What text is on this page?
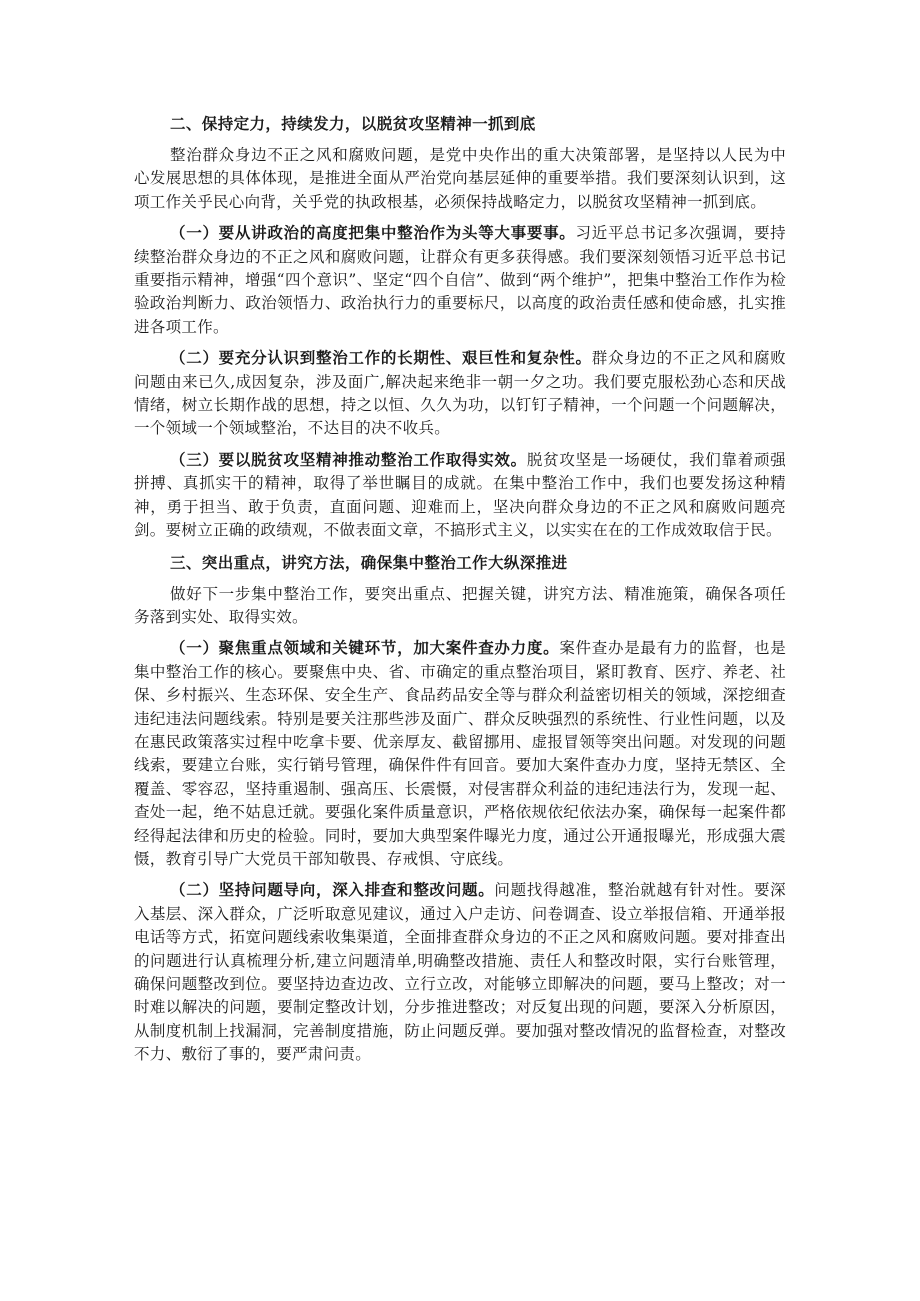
二、保持定力，持续发力，以脱贫攻坚精神一抓到底

整治群众身边不正之风和腐败问题，是党中央作出的重大决策部署，是坚持以人民为中心发展思想的具体体现，是推进全面从严治党向基层延伸的重要举措。我们要深刻认识到，这项工作关乎民心向背，关乎党的执政根基，必须保持战略定力，以脱贫攻坚精神一抓到底。

（一）要从讲政治的高度把集中整治作为头等大事要事。习近平总书记多次强调，要持续整治群众身边的不正之风和腐败问题，让群众有更多获得感。我们要深刻领悟习近平总书记重要指示精神，增强“四个意识”、坚定“四个自信”、做到“两个维护”，把集中整治工作作为检验政治判断力、政治领悟力、政治执行力的重要标尺，以高度的政治责任感和使命感，扎实推进各项工作。

（二）要充分认识到整治工作的长期性、艰巨性和复杂性。群众身边的不正之风和腐败问题由来已久,成因复杂，涉及面广,解决起来绝非一朝一夕之功。我们要克服松劲心态和厌战情绪，树立长期作战的思想，持之以恒、久久为功，以钉钉子精神，一个问题一个问题解决，一个领域一个领域整治，不达目的决不收兵。

（三）要以脱贫攻坚精神推动整治工作取得实效。脱贫攻坚是一场硬仗，我们靠着顽强拼搏、真抓实干的精神，取得了举世瞩目的成就。在集中整治工作中，我们也要发扬这种精神，勇于担当、敢于负责，直面问题、迎难而上，坚决向群众身边的不正之风和腐败问题亮剑。要树立正确的政绩观，不做表面文章，不搞形式主义，以实实在在的工作成效取信于民。

三、突出重点，讲究方法，确保集中整治工作大纵深推进

做好下一步集中整治工作，要突出重点、把握关键，讲究方法、精准施策，确保各项任务落到实处、取得实效。

（一）聚焦重点领域和关键环节，加大案件查办力度。案件查办是最有力的监督，也是集中整治工作的核心。要聚焦中央、省、市确定的重点整治项目，紧盯教育、医疗、养老、社保、乡村振兴、生态环保、安全生产、食品药品安全等与群众利益密切相关的领域，深挖细查违纪违法问题线索。特别是要关注那些涉及面广、群众反映强烈的系统性、行业性问题，以及在惠民政策落实过程中吃拿卡要、优亲厚友、截留挪用、虚报冒领等突出问题。对发现的问题线索，要建立台账，实行销号管理，确保件件有回音。要加大案件查办力度，坚持无禁区、全覆盖、零容忍，坚持重遏制、强高压、长震慑，对侵害群众利益的违纪违法行为，发现一起、查处一起，绝不姑息迁就。要强化案件质量意识，严格依规依纪依法办案，确保每一起案件都经得起法律和历史的检验。同时，要加大典型案件曝光力度，通过公开通报曝光，形成强大震慑，教育引导广大党员干部知敬畏、存戒惧、守底线。

（二）坚持问题导向，深入排查和整改问题。问题找得越准，整治就越有针对性。要深入基层、深入群众，广泛听取意见建议，通过入户走访、问卷调查、设立举报信箱、开通举报电话等方式，拓宽问题线索收集渠道，全面排查群众身边的不正之风和腐败问题。要对排查出的问题进行认真梳理分析,建立问题清单,明确整改措施、责任人和整改时限，实行台账管理，确保问题整改到位。要坚持边查边改、立行立改，对能够立即解决的问题，要马上整改；对一时难以解决的问题，要制定整改计划，分步推进整改；对反复出现的问题，要深入分析原因，从制度机制上找漏洞，完善制度措施，防止问题反弹。要加强对整改情况的监督检查，对整改不力、敷衍了事的，要严肃问责。
